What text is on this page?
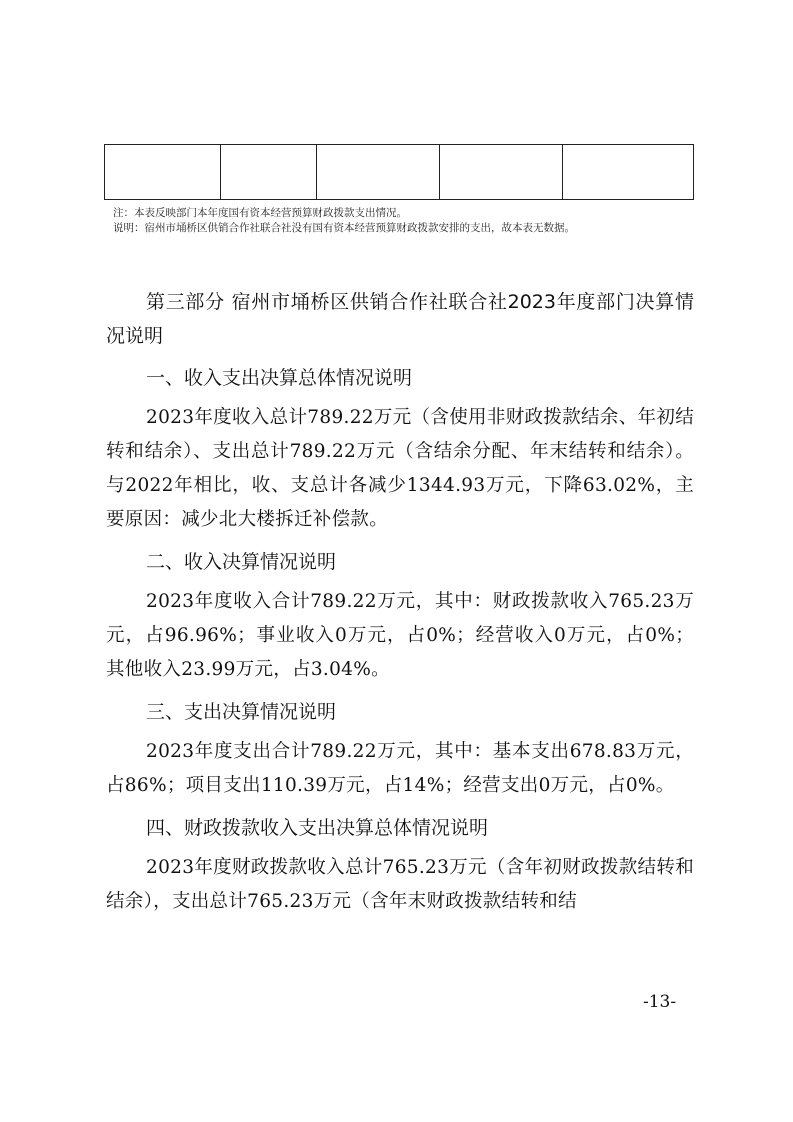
注：本表反映部门本年度国有资本经营预算财政拨款支出情况。
说明：宿州市埇桥区供销合作社联合社没有国有资本经营预算财政拨款安排的支出，故本表无数据。

第三部分 宿州市埇桥区供销合作社联合社2023年度部门决算情况说明

一、收入支出决算总体情况说明

2023年度收入总计789.22万元（含使用非财政拨款结余、年初结转和结余）、支出总计789.22万元（含结余分配、年末结转和结余）。与2022年相比，收、支总计各减少1344.93万元，下降63.02%，主要原因：减少北大楼拆迁补偿款。

二、收入决算情况说明

2023年度收入合计789.22万元，其中：财政拨款收入765.23万元，占96.96%；事业收入0万元，占0%；经营收入0万元，占0%；其他收入23.99万元，占3.04%。

三、支出决算情况说明

2023年度支出合计789.22万元，其中：基本支出678.83万元，占86%；项目支出110.39万元，占14%；经营支出0万元，占0%。

四、财政拨款收入支出决算总体情况说明

2023年度财政拨款收入总计765.23万元（含年初财政拨款结转和结余），支出总计765.23万元（含年末财政拨款结转和结

-13-
